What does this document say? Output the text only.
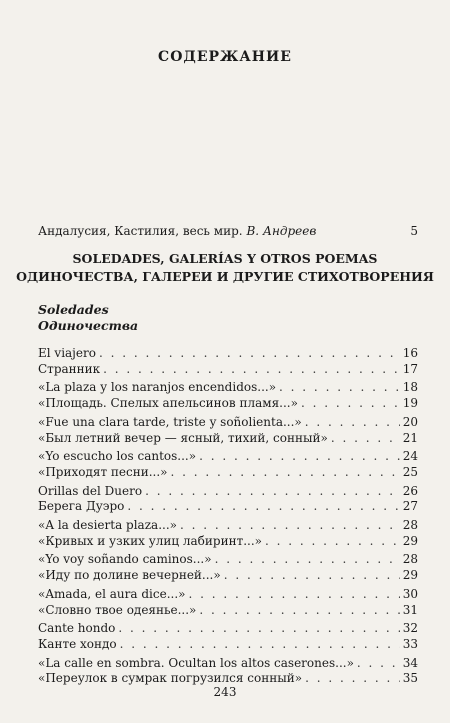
СОДЕРЖАНИЕ
Андалусия, Кастилия, весь мир. В. Андреев	5
SOLEDADES, GALERÍAS Y OTROS POEMAS
ОДИНОЧЕСТВА, ГАЛЕРЕИ И ДРУГИЕ СТИХОТВОРЕНИЯ
Soledades
Одиночества
El viajero . . .	16
Странник . . .	17
«La plaza y los naranjos encendidos...» . . .	18
«Площадь. Спелых апельсинов пламя...» . . .	19
«Fue una clara tarde, triste y soñolienta...» . . .	20
«Был летний вечер — ясный, тихий, сонный» . . .	21
«Yo escucho los cantos...» . . .	24
«Приходят песни...» . . .	25
Orillas del Duero . . .	26
Берега Дуэро . . .	27
«A la desierta plaza...» . . .	28
«Кривых и узких улиц лабиринт...» . . .	29
«Yo voy soñando caminos...» . . .	28
«Иду по долине вечерней...» . . .	29
«Amada, el aura dice...» . . .	30
«Словно твое одеянье...» . . .	31
Cante hondo . . .	32
Канте хондо . . .	33
«La calle en sombra. Ocultan los altos caserones...» . . .	34
«Переулок в сумрак погрузился сонный» . . .	35
243
